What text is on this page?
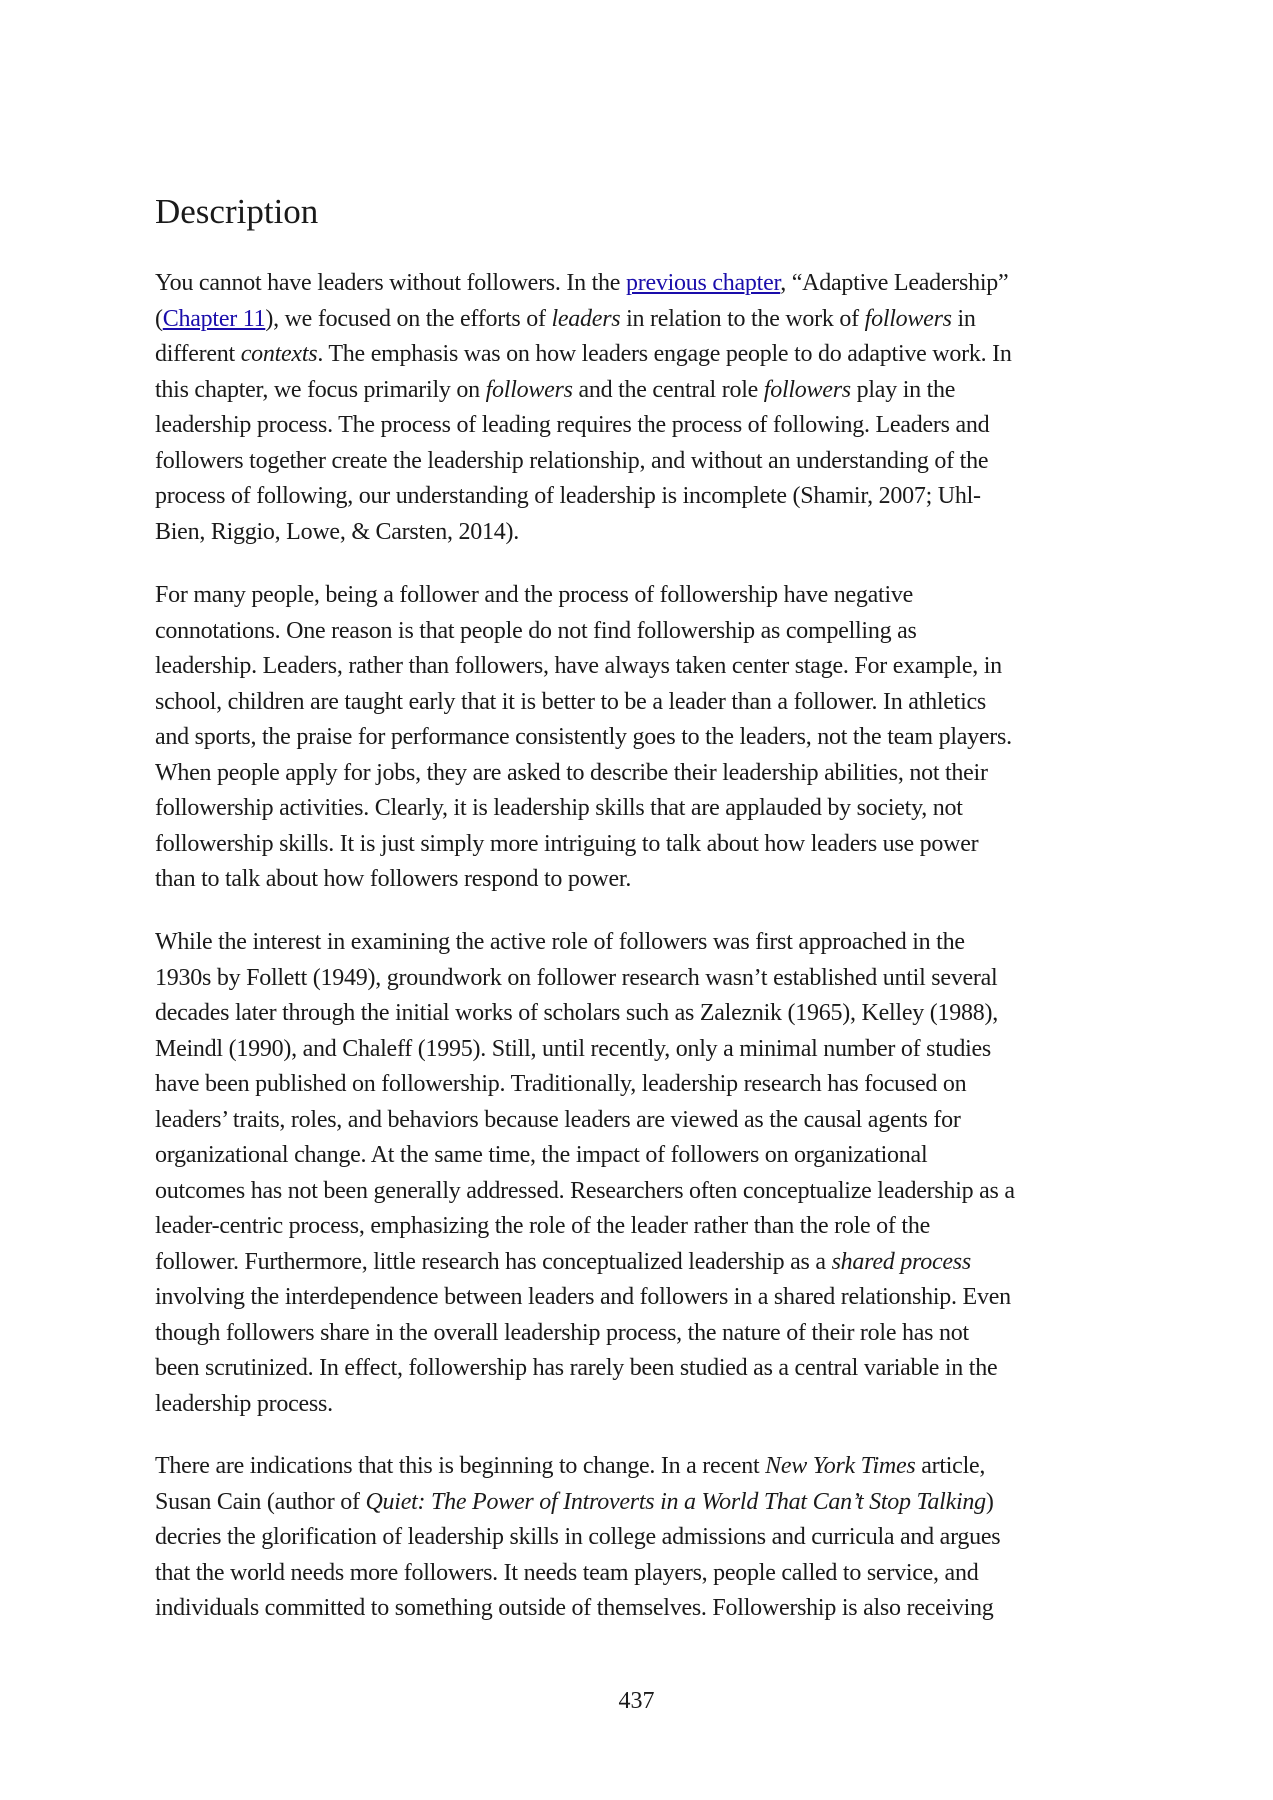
Description
You cannot have leaders without followers. In the previous chapter, “Adaptive Leadership”
(Chapter 11), we focused on the efforts of leaders in relation to the work of followers in
different contexts. The emphasis was on how leaders engage people to do adaptive work. In
this chapter, we focus primarily on followers and the central role followers play in the
leadership process. The process of leading requires the process of following. Leaders and
followers together create the leadership relationship, and without an understanding of the
process of following, our understanding of leadership is incomplete (Shamir, 2007; Uhl-
Bien, Riggio, Lowe, & Carsten, 2014).
For many people, being a follower and the process of followership have negative
connotations. One reason is that people do not find followership as compelling as
leadership. Leaders, rather than followers, have always taken center stage. For example, in
school, children are taught early that it is better to be a leader than a follower. In athletics
and sports, the praise for performance consistently goes to the leaders, not the team players.
When people apply for jobs, they are asked to describe their leadership abilities, not their
followership activities. Clearly, it is leadership skills that are applauded by society, not
followership skills. It is just simply more intriguing to talk about how leaders use power
than to talk about how followers respond to power.
While the interest in examining the active role of followers was first approached in the
1930s by Follett (1949), groundwork on follower research wasn’t established until several
decades later through the initial works of scholars such as Zaleznik (1965), Kelley (1988),
Meindl (1990), and Chaleff (1995). Still, until recently, only a minimal number of studies
have been published on followership. Traditionally, leadership research has focused on
leaders’ traits, roles, and behaviors because leaders are viewed as the causal agents for
organizational change. At the same time, the impact of followers on organizational
outcomes has not been generally addressed. Researchers often conceptualize leadership as a
leader-centric process, emphasizing the role of the leader rather than the role of the
follower. Furthermore, little research has conceptualized leadership as a shared process
involving the interdependence between leaders and followers in a shared relationship. Even
though followers share in the overall leadership process, the nature of their role has not
been scrutinized. In effect, followership has rarely been studied as a central variable in the
leadership process.
There are indications that this is beginning to change. In a recent New York Times article,
Susan Cain (author of Quiet: The Power of Introverts in a World That Can’t Stop Talking)
decries the glorification of leadership skills in college admissions and curricula and argues
that the world needs more followers. It needs team players, people called to service, and
individuals committed to something outside of themselves. Followership is also receiving
437
